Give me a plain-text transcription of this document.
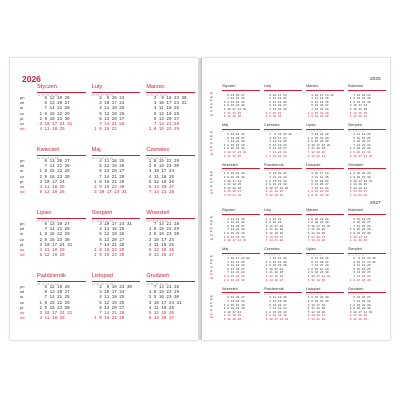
2026
Styczeń
01 02 03 04 05
5 12 19 26
6 13 20 27
7 14 21 28
1 8 15 22 29
2 9 16 23 30
3 10 17 24 31
4 11 18 25
Luty
05 06 07 08 09
2  9 16 23
3 10 17 24
4 11 18 25
5 12 19 26
6 13 20 27
7 14 21 28
1 8 15 22
Marzec
09 10 11 12 13
2  9 16 23 30
3 10 17 24 31
4 11 18 25
5 12 19 26
6 13 20 27
7 14 21 28
1 8 15 22 29
Kwiecień
14 15 16 17 18
6 13 20 27
7 14 21 28
1 8 15 22 29
2 9 16 23 30
3 10 17 24
4 11 18 25
5 12 19 26
Maj
18 19 20 21 22
4 11 18 25
5 12 19 26
6 13 20 27
7 14 21 28
1 8 15 22 29
2 9 16 23 30
3 10 17 24 31
Czerwiec
23 24 25 26 27
1 8 15 22 29
2 9 16 23 30
3 10 17 24
4 11 18 25
5 12 19 26
6 13 20 27
7 14 21 28
Lipiec
27 28 29 30 31
6 13 20 27
7 14 21 28
1 8 15 22 29
2 9 16 23 30
3 10 17 24 31
4 11 18 25
5 12 19 26
Sierpień
31 32 33 34 35
3 10 17 24 31
4 11 18 25
5 12 19 26
6 13 20 27
7 14 21 28
1 8 15 22 29
2 9 16 23 30
Wrzesień
36 37 38 39 40
7 14 21 28
1 8 15 22 29
2 9 16 23 30
3 10 17 24
4 11 18 25
5 12 19 26
6 13 20 27
Październik
40 41 42 43 44
5 12 19 26
6 13 20 27
7 14 21 28
1 8 15 22 29
2 9 16 23 30
3 10 17 24 31
4 11 18 25
Listopad
44 45 46 47 48
2  9 16 23 30
3 10 17 24
4 11 18 25
5 12 19 26
6 13 20 27
7 14 21 28
1 8 15 22 29
Grudzień
49 50 51 52 53
7 14 21 28
1 8 15 22 29
2 9 16 23 30
3 10 17 24 31
4 11 18 25
5 12 19 26
6 13 20 27
pn
wt
śr
cz
pt
so
nd
pn
wt
śr
cz
pt
so
nd
pn
wt
śr
cz
pt
so
nd
pn
wt
śr
cz
pt
so
nd
2025
Styczeń
01 02 03 04 05
6 13 20 27
7 14 21 28
1 8 15 22 29
2 9 16 23 30
3 10 17 24 31
4 11 18 25
5 12 19 26
Luty
05 06 07 08 09
3 10 17 24
4 11 18 25
5 12 19 26
6 13 20 27
7 14 21 28
1 8 15 22
2 9 16 23
Marzec
09 10 11 12 13
3 10 17 24 31
4 11 18 25
5 12 19 26
6 13 20 27
7 14 21 28
1 8 15 22 29
2 9 16 23 30
Kwiecień
14 15 16 17 18
7 14 21 28
1 8 15 22 29
2 9 16 23 30
3 10 17 24
4 11 18 25
5 12 19 26
6 13 20 27
Maj
18 19 20 21 22
5 12 19 26
6 13 20 27
7 14 21 28
1 8 15 22 29
2 9 16 23 30
3 10 17 24 31
4 11 18 25
Czerwiec
23 24 25 26 27
2  9 16 23 30
3 10 17 24
4 11 18 25
5 12 19 26
6 13 20 27
7 14 21 28
1 8 15 22 29
Lipiec
27 28 29 30 31
7 14 21 28
1 8 15 22 29
2 9 16 23 30
3 10 17 24 31
4 11 18 25
5 12 19 26
6 13 20 27
Sierpień
31 32 33 34 35
4 11 18 25
5 12 19 26
6 13 20 27
7 14 21 28
1 8 15 22 29
2 9 16 23 30
3 10 17 24 31
Wrzesień
36 37 38 39 40
1 8 15 22 29
2 9 16 23 30
3 10 17 24
4 11 18 25
5 12 19 26
6 13 20 27
7 14 21 28
Październik
40 41 42 43 44
6 13 20 27
7 14 21 28
1 8 15 22 29
2 9 16 23 30
3 10 17 24 31
4 11 18 25
5 12 19 26
Listopad
44 45 46 47 48
3 10 17 24
4 11 18 25
5 12 19 26
6 13 20 27
7 14 21 28
1 8 15 22 29
2 9 16 23 30
Grudzień
49 50 51 52 01
1 8 15 22 29
2 9 16 23 30
3 10 17 24 31
4 11 18 25
5 12 19 26
6 13 20 27
7 14 21 28
2027
Styczeń
53 01 02 03 04 05
4 11 18 25
5 12 19 26
6 13 20 27
7 14 21 28
1 8 15 22 29
2 9 16 23 30
3 10 17 24 31
Luty
05 06 07 08 09
1 8 15 22
2 9 16 23
3 10 17 24
4 11 18 25
5 12 19 26
6 13 20 27
7 14 21 28
Marzec
09 10 11 12 13
1 8 15 22 29
2 9 16 23 30
3 10 17 24 31
4 11 18 25
5 12 19 26
6 13 20 27
7 14 21 28
Kwiecień
13 14 15 16 17
5 12 19 26
6 13 20 27
7 14 21 28
1 8 15 22 29
2 9 16 23 30
3 10 17 24
4 11 18 25
Maj
17 18 19 20 21 22
3 10 17 24 31
4 11 18 25
5 12 19 26
6 13 20 27
7 14 21 28
1 8 15 22 29
2 9 16 23 30
Czerwiec
22 23 24 25 26
7 14 21 28
1 8 15 22 29
2 9 16 23 30
3 10 17 24
4 11 18 25
5 12 19 26
6 13 20 27
Lipiec
26 27 28 29 30
5 12 19 26
6 13 20 27
7 14 21 28
1 8 15 22 29
2 9 16 23 30
3 10 17 24 31
4 11 18 25
Sierpień
31 32 33 34 35
2  9 16 23 30
3 10 17 24 31
4 11 18 25
5 12 19 26
6 13 20 27
7 14 21 28
1 8 15 22 29
Wrzesień
35 36 37 38 39
6 13 20 27
7 14 21 28
1 8 15 22 29
2 9 16 23 30
3 10 17 24
4 11 18 25
5 12 19 26
Październik
39 40 41 42 43 44
4 11 18 25
5 12 19 26
6 13 20 27
7 14 21 28
1 8 15 22 29
2 9 16 23 30
3 10 17 24 31
Listopad
44 45 46 47 48
1 8 15 22 29
2 9 16 23 30
3 10 17 24
4 11 18 25
5 12 19 26
6 13 20 27
7 14 21 28
Grudzień
48 49 50 51 52
6 13 20 27
7 14 21 28
1 8 15 22 29
2 9 16 23 30
3 10 17 24 31
4 11 18 25
5 12 19 26
pn
wt
śr
cz
pt
so
nd
pn
wt
śr
cz
pt
so
nd
pn
wt
śr
cz
pt
so
nd
pn
wt
śr
cz
pt
so
nd
pn
wt
śr
cz
pt
so
nd
pn
wt
śr
cz
pt
so
nd
